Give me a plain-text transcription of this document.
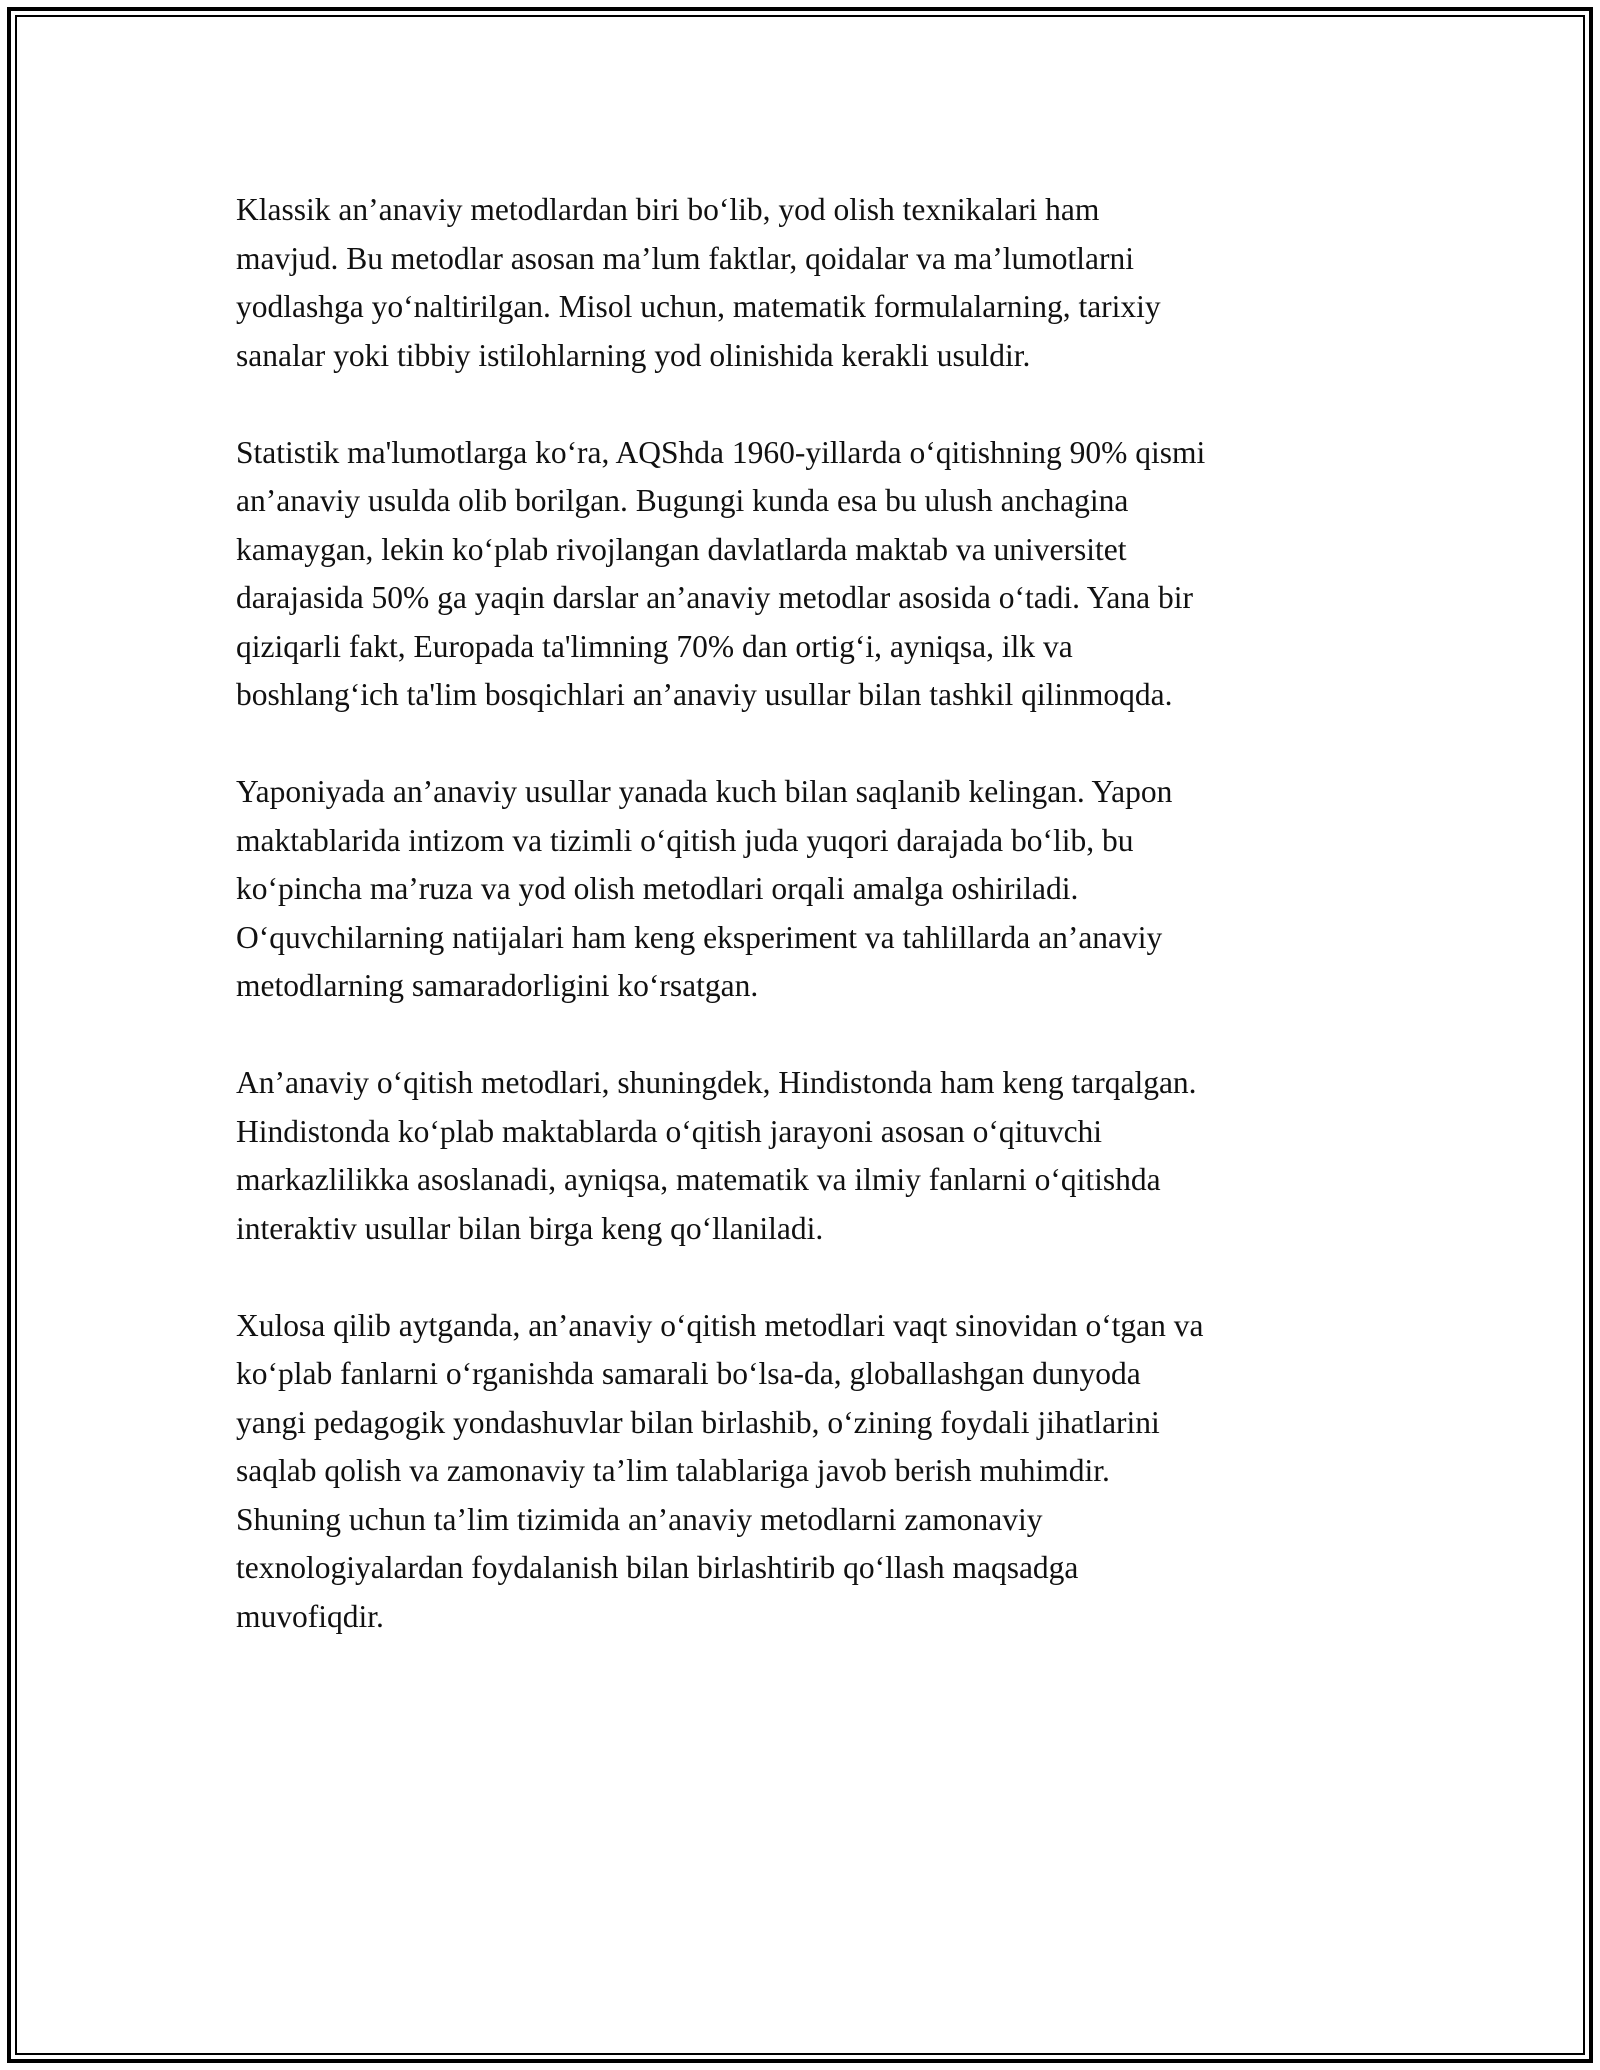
Klassik an’anaviy metodlardan biri bo‘lib, yod olish texnikalari ham
mavjud. Bu metodlar asosan ma’lum faktlar, qoidalar va ma’lumotlarni
yodlashga yo‘naltirilgan. Misol uchun, matematik formulalarning, tarixiy
sanalar yoki tibbiy istilohlarning yod olinishida kerakli usuldir.

Statistik ma'lumotlarga ko‘ra, AQShda 1960-yillarda o‘qitishning 90% qismi
an’anaviy usulda olib borilgan. Bugungi kunda esa bu ulush anchagina
kamaygan, lekin ko‘plab rivojlangan davlatlarda maktab va universitet
darajasida 50% ga yaqin darslar an’anaviy metodlar asosida o‘tadi. Yana bir
qiziqarli fakt, Europada ta'limning 70% dan ortig‘i, ayniqsa, ilk va
boshlang‘ich ta'lim bosqichlari an’anaviy usullar bilan tashkil qilinmoqda.

Yaponiyada an’anaviy usullar yanada kuch bilan saqlanib kelingan. Yapon
maktablarida intizom va tizimli o‘qitish juda yuqori darajada bo‘lib, bu
ko‘pincha ma’ruza va yod olish metodlari orqali amalga oshiriladi.
O‘quvchilarning natijalari ham keng eksperiment va tahlillarda an’anaviy
metodlarning samaradorligini ko‘rsatgan.

An’anaviy o‘qitish metodlari, shuningdek, Hindistonda ham keng tarqalgan.
Hindistonda ko‘plab maktablarda o‘qitish jarayoni asosan o‘qituvchi
markazlilikka asoslanadi, ayniqsa, matematik va ilmiy fanlarni o‘qitishda
interaktiv usullar bilan birga keng qo‘llaniladi.

Xulosa qilib aytganda, an’anaviy o‘qitish metodlari vaqt sinovidan o‘tgan va
ko‘plab fanlarni o‘rganishda samarali bo‘lsa-da, globallashgan dunyoda
yangi pedagogik yondashuvlar bilan birlashib, o‘zining foydali jihatlarini
saqlab qolish va zamonaviy ta’lim talablariga javob berish muhimdir.
Shuning uchun ta’lim tizimida an’anaviy metodlarni zamonaviy
texnologiyalardan foydalanish bilan birlashtirib qo‘llash maqsadga
muvofiqdir.
